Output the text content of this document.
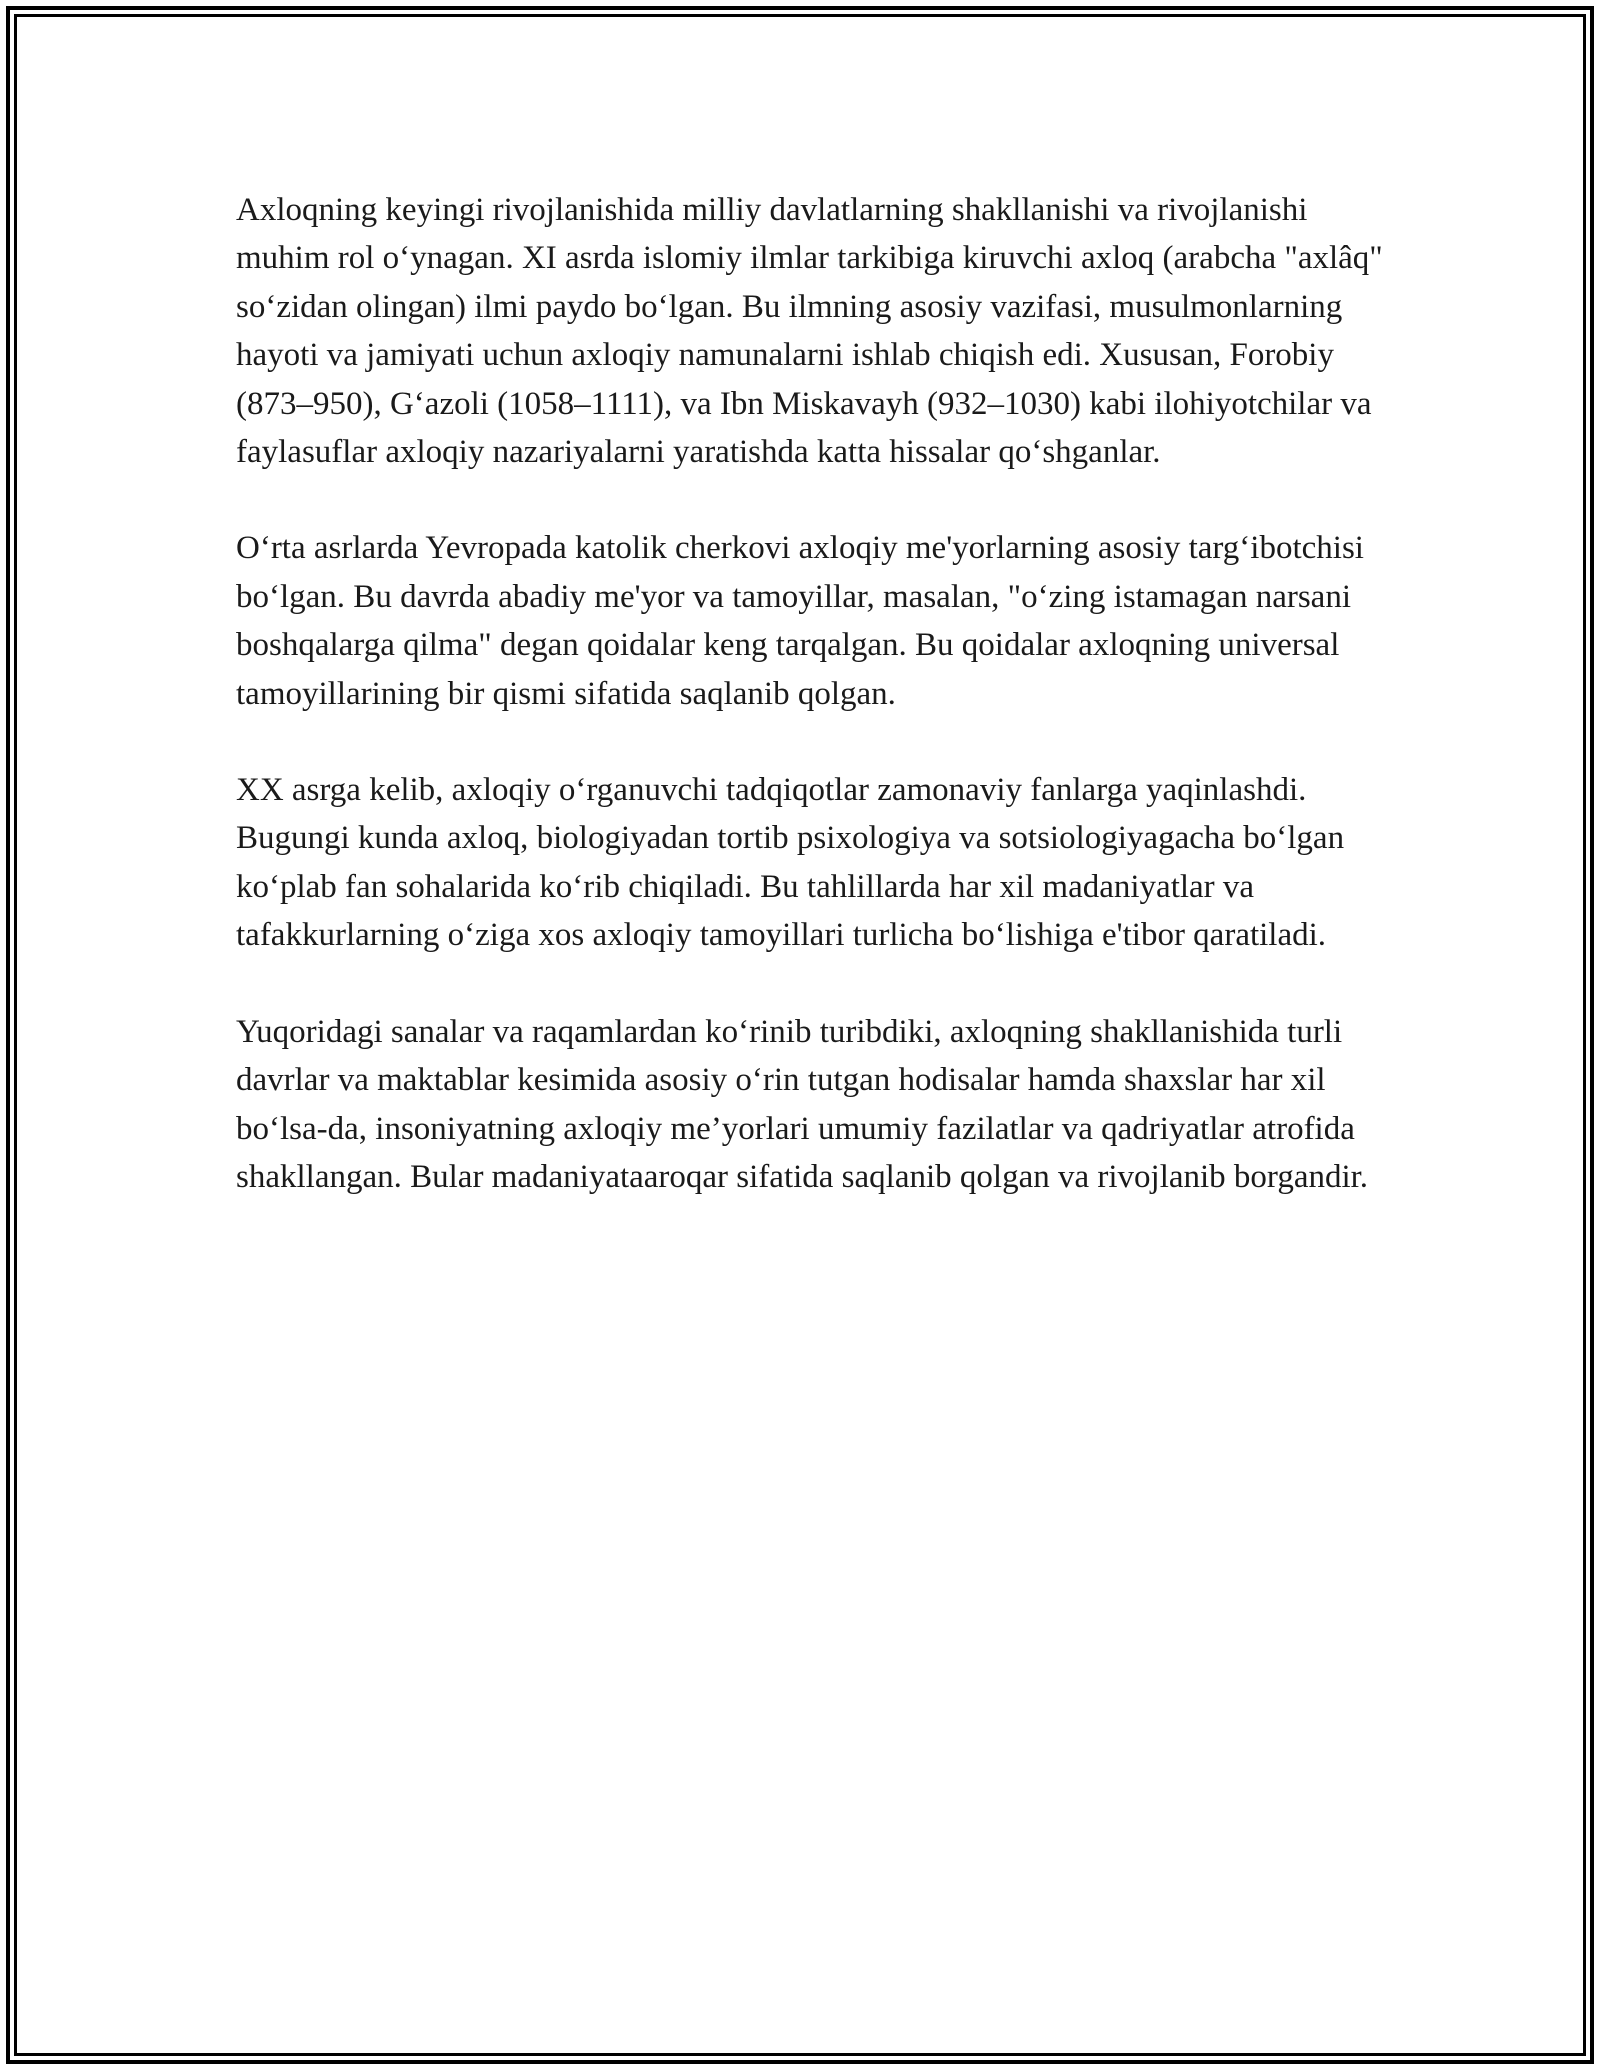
Axloqning keyingi rivojlanishida milliy davlatlarning shakllanishi va rivojlanishi muhim rol o‘ynagan. XI asrda islomiy ilmlar tarkibiga kiruvchi axloq (arabcha "axlâq" so‘zidan olingan) ilmi paydo bo‘lgan. Bu ilmning asosiy vazifasi, musulmonlarning hayoti va jamiyati uchun axloqiy namunalarni ishlab chiqish edi. Xususan, Forobiy (873–950), G‘azoli (1058–1111), va Ibn Miskavayh (932–1030) kabi ilohiyotchilar va faylasuflar axloqiy nazariyalarni yaratishda katta hissalar qo‘shganlar.

O‘rta asrlarda Yevropada katolik cherkovi axloqiy me'yorlarning asosiy targ‘ibotchisi bo‘lgan. Bu davrda abadiy me'yor va tamoyillar, masalan, "o‘zing istamagan narsani boshqalarga qilma" degan qoidalar keng tarqalgan. Bu qoidalar axloqning universal tamoyillarining bir qismi sifatida saqlanib qolgan.

XX asrga kelib, axloqiy o‘rganuvchi tadqiqotlar zamonaviy fanlarga yaqinlashdi. Bugungi kunda axloq, biologiyadan tortib psixologiya va sotsiologiyagacha bo‘lgan ko‘plab fan sohalarida ko‘rib chiqiladi. Bu tahlillarda har xil madaniyatlar va tafakkurlarning o‘ziga xos axloqiy tamoyillari turlicha bo‘lishiga e'tibor qaratiladi.

Yuqoridagi sanalar va raqamlardan ko‘rinib turibdiki, axloqning shakllanishida turli davrlar va maktablar kesimida asosiy o‘rin tutgan hodisalar hamda shaxslar har xil bo‘lsa-da, insoniyatning axloqiy me’yorlari umumiy fazilatlar va qadriyatlar atrofida shakllangan. Bular madaniyataaroqar sifatida saqlanib qolgan va rivojlanib borgandir.
